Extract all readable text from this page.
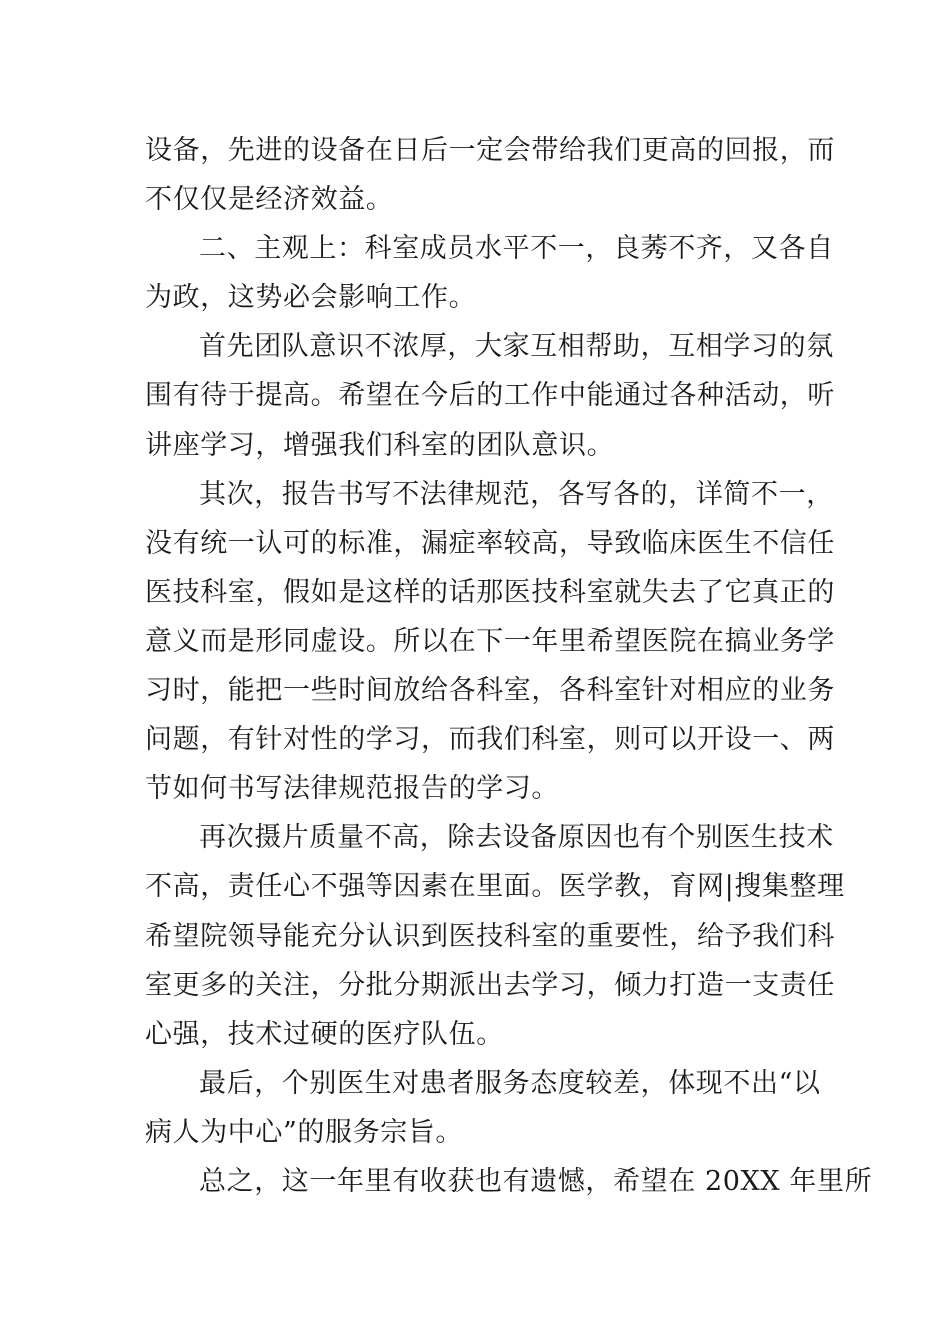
设备，先进的设备在日后一定会带给我们更高的回报，而
不仅仅是经济效益。
二、主观上：科室成员水平不一，良莠不齐，又各自
为政，这势必会影响工作。
首先团队意识不浓厚，大家互相帮助，互相学习的氛
围有待于提高。希望在今后的工作中能通过各种活动，听
讲座学习，增强我们科室的团队意识。
其次，报告书写不法律规范，各写各的，详简不一，
没有统一认可的标准，漏症率较高，导致临床医生不信任
医技科室，假如是这样的话那医技科室就失去了它真正的
意义而是形同虚设。所以在下一年里希望医院在搞业务学
习时，能把一些时间放给各科室，各科室针对相应的业务
问题，有针对性的学习，而我们科室，则可以开设一、两
节如何书写法律规范报告的学习。
再次摄片质量不高，除去设备原因也有个别医生技术
不高，责任心不强等因素在里面。医学教，育网|搜集整理
希望院领导能充分认识到医技科室的重要性，给予我们科
室更多的关注，分批分期派出去学习，倾力打造一支责任
心强，技术过硬的医疗队伍。
最后，个别医生对患者服务态度较差，体现不出“以
病人为中心”的服务宗旨。
总之，这一年里有收获也有遗憾，希望在 20XX 年里所
